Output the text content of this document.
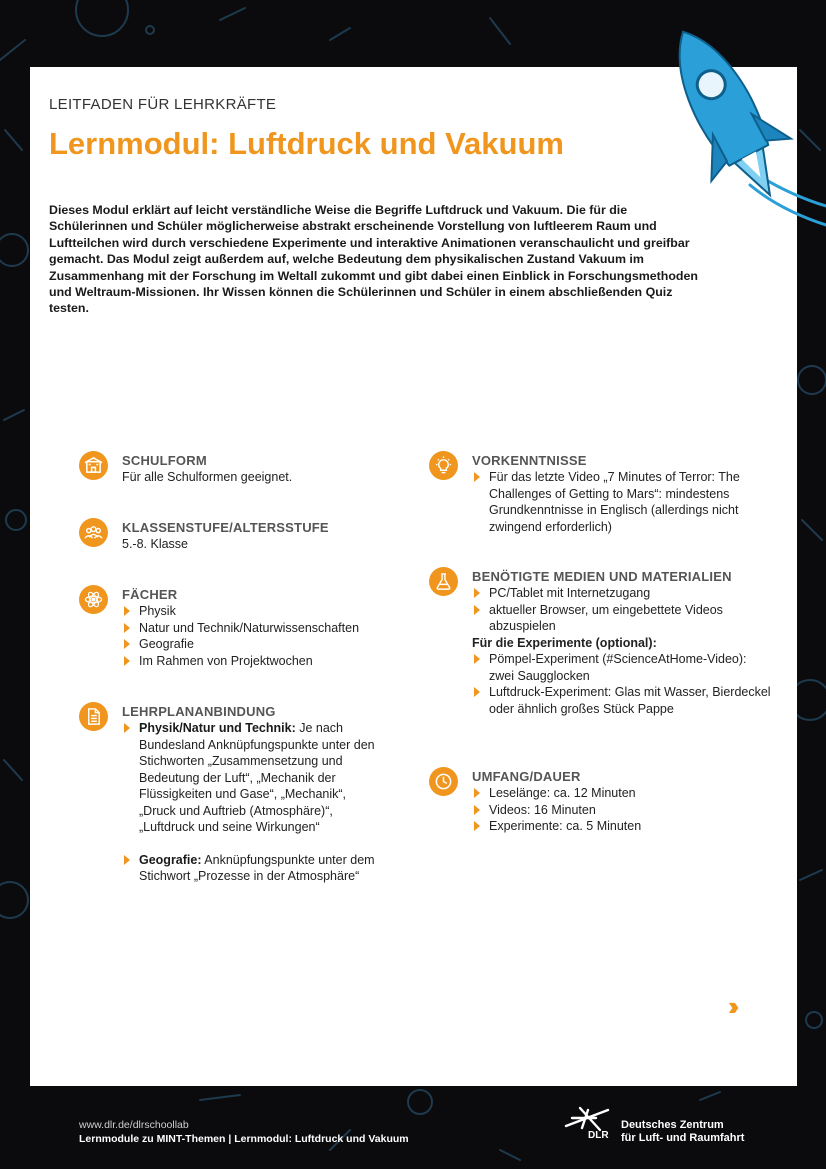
LEITFADEN FÜR LEHRKRÄFTE

Lernmodul: Luftdruck und Vakuum

Dieses Modul erklärt auf leicht verständliche Weise die Begriffe Luftdruck und Vakuum. Die für die Schülerinnen und Schüler möglicherweise abstrakt erscheinende Vorstellung von luftleerem Raum und Luftteilchen wird durch verschiedene Experimente und interaktive Animationen veranschaulicht und greifbar gemacht. Das Modul zeigt außerdem auf, welche Bedeutung dem physikalischen Zustand Vakuum im Zusammenhang mit der Forschung im Weltall zukommt und gibt dabei einen Einblick in Forschungsmethoden und Weltraum-Missionen. Ihr Wissen können die Schülerinnen und Schüler in einem abschließenden Quiz testen.

SCHULFORM

Für alle Schulformen geeignet.

KLASSENSTUFE/ALTERSSTUFE

5.-8. Klasse

FÄCHER
Physik
Natur und Technik/Naturwissenschaften
Geografie
Im Rahmen von Projektwochen
LEHRPLANANBINDUNG
Physik/Natur und Technik: Je nach Bundesland Anknüpfungspunkte unter den Stichworten „Zusammensetzung und Bedeutung der Luft“, „Mechanik der Flüssigkeiten und Gase“, „Mechanik“, „Druck und Auftrieb (Atmosphäre)“, „Luftdruck und seine Wirkungen“
Geografie: Anknüpfungspunkte unter dem Stichwort „Prozesse in der Atmosphäre“
VORKENNTNISSE
Für das letzte Video „7 Minutes of Terror: The Challenges of Getting to Mars“: mindestens Grundkenntnisse in Englisch (allerdings nicht zwingend erforderlich)
BENÖTIGTE MEDIEN UND MATERIALIEN
PC/Tablet mit Internetzugang
aktueller Browser, um eingebettete Videos abzuspielen

Für die Experimente (optional):

Pömpel-Experiment (#ScienceAtHome-Video): zwei Saugglocken
Luftdruck-Experiment: Glas mit Wasser, Bierdeckel oder ähnlich großes Stück Pappe
UMFANG/DAUER
Leselänge: ca. 12 Minuten
Videos: 16 Minuten
Experimente: ca. 5 Minuten
››

www.dlr.de/dlrschoollab

Lernmodule zu MINT-Themen | Lernmodul: Luftdruck und Vakuum	DLR
Deutsches Zentrum
für Luft- und Raumfahrt
